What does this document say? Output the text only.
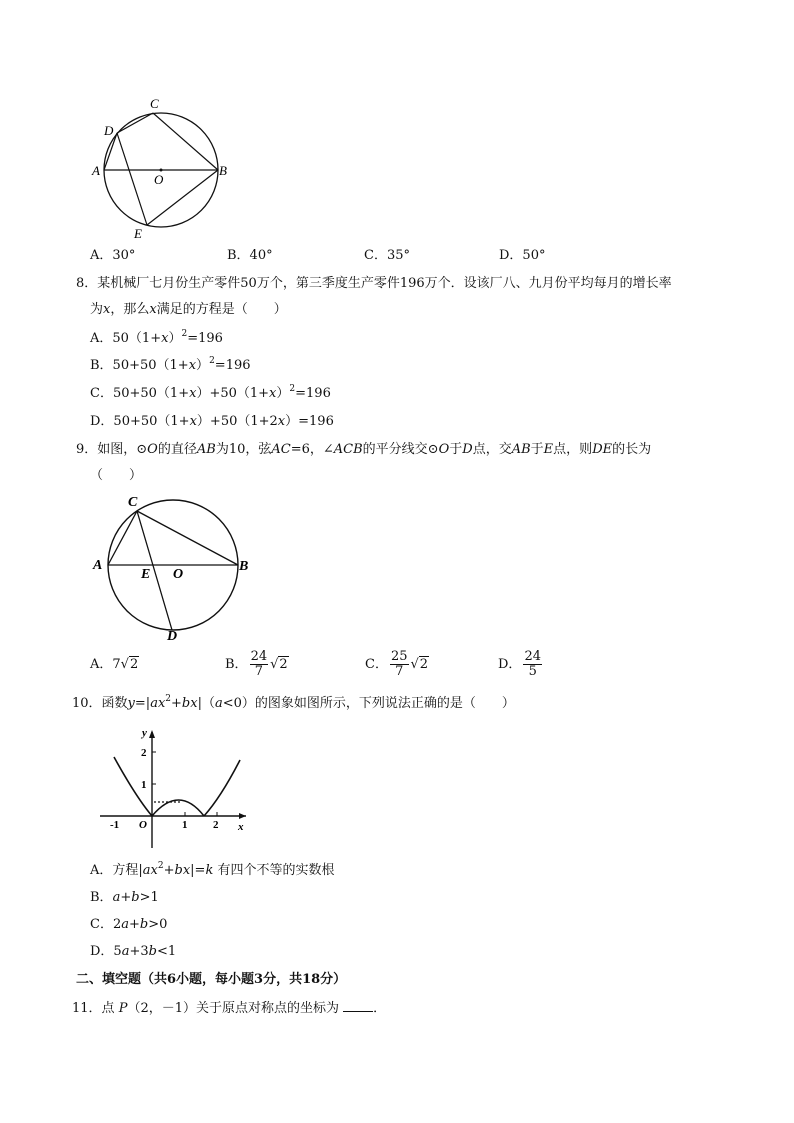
C
D
A
O
B
E
A．30°	B．40°	C．35°	D．50°
8．某机械厂七月份生产零件50万个，第三季度生产零件196万个．设该厂八、九月份平均每月的增长率
为x，那么x满足的方程是（　　）
A．$50(1+x)^2=196$
B．$50+50(1+x)^2=196$
C．$50+50(1+x)+50(1+x)^2=196$
D．50+50（1+x）+50（1+2x）=196
9．如图，⊙O的直径AB为10，弦AC=6，∠ACB的平分线交⊙O于D点，交AB于E点，则DE的长为
（　　）
C
A
E O
B
D
A．7√2	B． $\frac{24}{7} √2$	C． $\frac{25}{7} √2$	D． $\frac{24}{5}$
10．函数$y=|ax^2+bx|(a<0)$的图象如图所示，下列说法正确的是（　　）
y
2
1
O
-1	1 2 x
A．方程$|ax^2+bx|=k$ 有四个不等的实数根
B．a+b>1
C．2a+b>0
D．5a+3b<1
二、填空题（共6小题，每小题3分，共18分）
11．点 P（2，－1）关于原点对称点的坐标为	．
